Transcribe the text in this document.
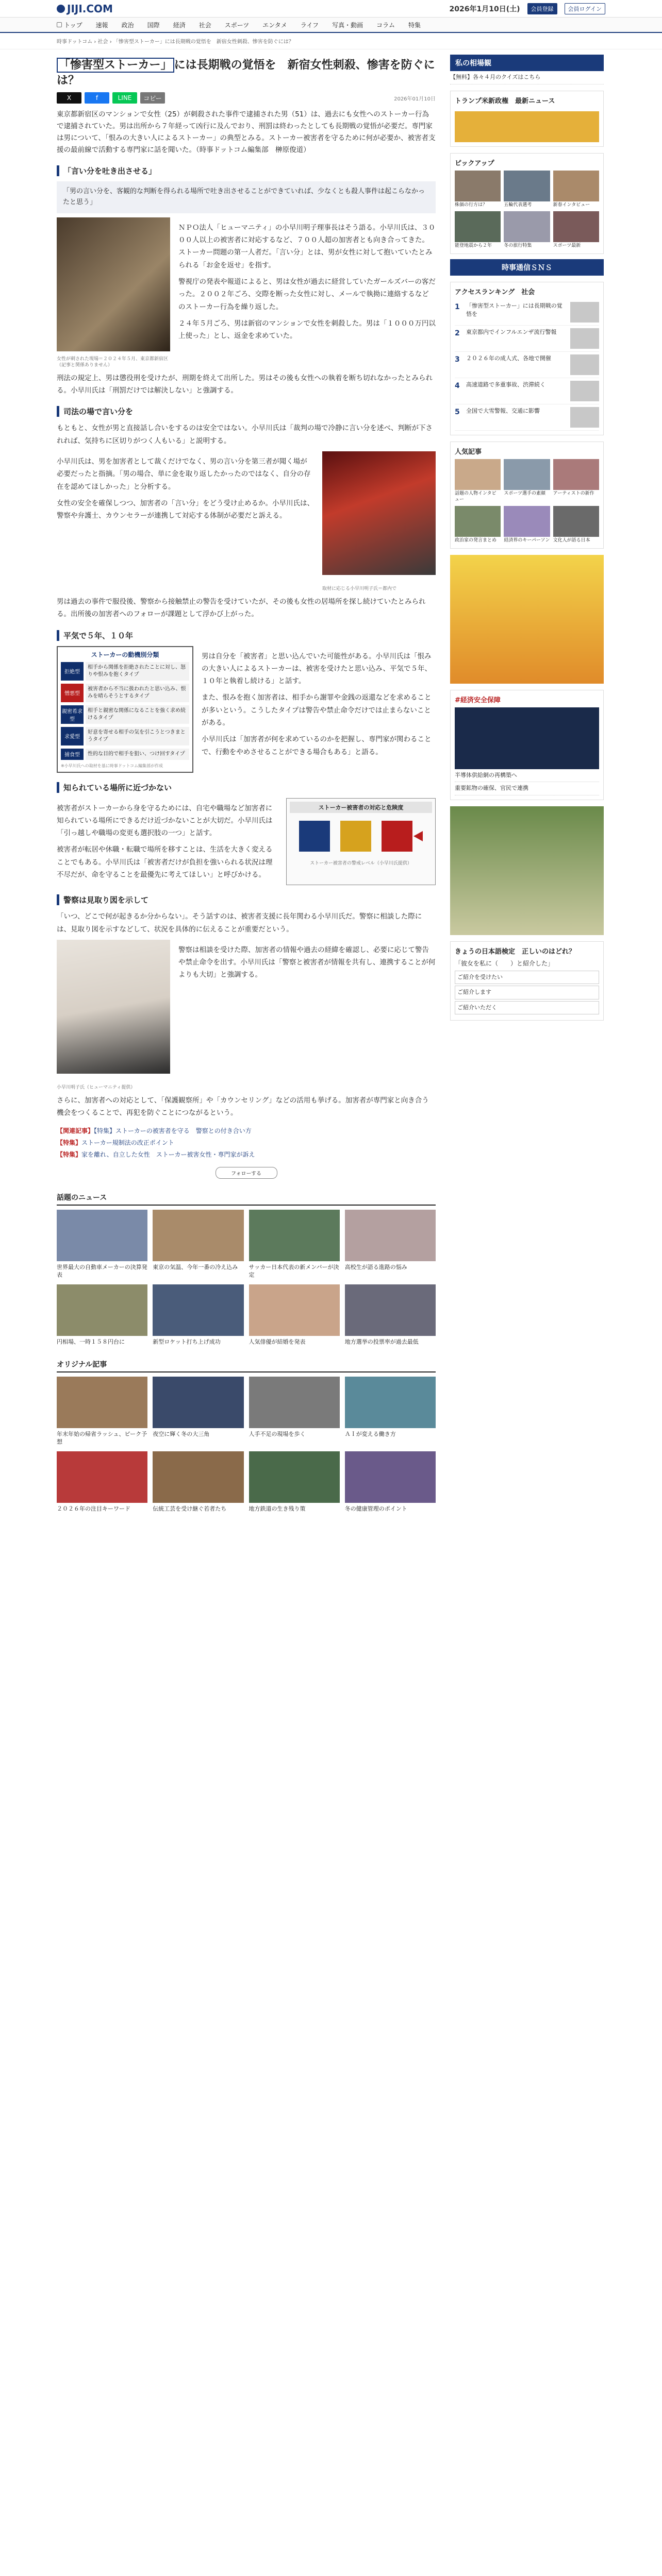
JIJI.COM	2026年1月10日(土)	会員登録	会員ログイン
トップ 速報 政治 国際 経済 社会 スポーツ エンタメ ライフ 写真・動画 コラム 特集
時事ドットコム › 社会 › 「惨害型ストーカー」には長期戦の覚悟を　新宿女性刺殺、惨害を防ぐには？
「惨害型ストーカー」 には長期戦の覚悟を　新宿女性刺殺、惨害を防ぐには？
X	f	LINE	コピー	2026年01月10日

東京都新宿区のマンションで女性（25）が刺殺された事件で逮捕された男（51）は、過去にも女性へのストーカー行為で逮捕されていた。男は出所から７年経って凶行に及んでおり、刑罰は終わったとしても長期戦の覚悟が必要だ。専門家は男について、「恨みの大きい人によるストーカー」の典型とみる。ストーカー被害者を守るために何が必要か、被害者支援の最前線で活動する専門家に話を聞いた。（時事ドットコム編集部　榊原俊道）

「言い分を吐き出させる」
「男の言い分を、客観的な判断を得られる場所で吐き出させることができていれば、少なくとも殺人事件は起こらなかったと思う」
女性が刺された現場＝２０２４年５月、東京都新宿区（記事と関係ありません）

ＮＰＯ法人「ヒューマニティ」の小早川明子理事長はそう語る。小早川氏は、３０００人以上の被害者に対応するなど、７００人超の加害者とも向き合ってきた。ストーカー問題の第一人者だ。「言い分」とは、男が女性に対して抱いていたとみられる「お金を返せ」を指す。

警視庁の発表や報道によると、男は女性が過去に経営していたガールズバーの客だった。２００２年ごろ、交際を断った女性に対し、メールで執拗に連絡するなどのストーカー行為を繰り返した。

２４年５月ごろ、男は新宿のマンションで女性を刺殺した。男は「１０００万円以上使った」とし、返金を求めていた。

刑法の規定上、男は懲役刑を受けたが、刑期を終えて出所した。男はその後も女性への執着を断ち切れなかったとみられる。小早川氏は「刑罰だけでは解決しない」と強調する。

司法の場で言い分を

もともと、女性が男と直接話し合いをするのは安全ではない。小早川氏は「裁判の場で冷静に言い分を述べ、判断が下されれば、気持ちに区切りがつく人もいる」と説明する。

小早川氏は、男を加害者として裁くだけでなく、男の言い分を第三者が聞く場が必要だったと指摘。「男の場合、単に金を取り返したかったのではなく、自分の存在を認めてほしかった」と分析する。

女性の安全を確保しつつ、加害者の「言い分」をどう受け止めるか。小早川氏は、警察や弁護士、カウンセラーが連携して対応する体制が必要だと訴える。

取材に応じる小早川明子氏＝都内で

男は過去の事件で服役後、警察から接触禁止の警告を受けていたが、その後も女性の居場所を探し続けていたとみられる。出所後の加害者へのフォローが課題として浮かび上がった。

平気で５年、１０年
ストーカーの動機別分類
拒絶型
相手から関係を拒絶されたことに対し、怒りや恨みを抱くタイプ
憎悪型
被害者から不当に扱われたと思い込み、恨みを晴らそうとするタイプ
親密希求型
相手と親密な関係になることを強く求め続けるタイプ
求愛型
好意を寄せる相手の気を引こうとつきまとうタイプ
捕食型	性的な目的で相手を狙い、つけ回すタイプ
※小早川氏への取材を基に時事ドットコム編集部が作成

男は自分を「被害者」と思い込んでいた可能性がある。小早川氏は「恨みの大きい人によるストーカーは、被害を受けたと思い込み、平気で５年、１０年と執着し続ける」と話す。

また、恨みを抱く加害者は、相手から謝罪や金銭の返還などを求めることが多いという。こうしたタイプは警告や禁止命令だけでは止まらないことがある。

小早川氏は「加害者が何を求めているのかを把握し、専門家が関わることで、行動をやめさせることができる場合もある」と語る。

知られている場所に近づかない

被害者がストーカーから身を守るためには、自宅や職場など加害者に知られている場所にできるだけ近づかないことが大切だ。小早川氏は「引っ越しや職場の変更も選択肢の一つ」と話す。

被害者が転居や休職・転職で場所を移すことは、生活を大きく変えることでもある。小早川氏は「被害者だけが負担を強いられる状況は理不尽だが、命を守ることを最優先に考えてほしい」と呼びかける。

ストーカー被害者の対応と危険度
ストーカー被害者の警戒レベル（小早川氏提供）
警察は見取り図を示して

「いつ、どこで何が起きるか分からない」。そう話すのは、被害者支援に長年関わる小早川氏だ。警察に相談した際には、見取り図を示すなどして、状況を具体的に伝えることが重要だという。

小早川明子氏（ヒューマニティ提供）

警察は相談を受けた際、加害者の情報や過去の経緯を確認し、必要に応じて警告や禁止命令を出す。小早川氏は「警察と被害者が情報を共有し、連携することが何よりも大切」と強調する。

さらに、加害者への対応として、「保護観察所」や「カウンセリング」などの活用も挙げる。加害者が専門家と向き合う機会をつくることで、再犯を防ぐことにつながるという。

【関連記事】【特集】ストーカーの被害者を守る　警察との付き合い方
【特集】ストーカー規制法の改正ポイント
【特集】家を離れ、自立した女性　ストーカー被害女性・専門家が訴え
フォローする
話題のニュース
世界最大の自動車メーカーの決算発表
東京の気温、今年一番の冷え込み	サッカー日本代表の新メンバーが決定
高校生が語る進路の悩み
円相場、一時１５８円台に	新型ロケット打ち上げ成功	人気俳優が結婚を発表	地方選挙の投票率が過去最低
オリジナル記事
年末年始の帰省ラッシュ、ピーク予想
夜空に輝く冬の大三角	人手不足の現場を歩く	ＡＩが変える働き方
２０２６年の注目キーワード	伝統工芸を受け継ぐ若者たち	地方鉄道の生き残り策	冬の健康管理のポイント
私の相場観
【無料】各々４月のクイズはこちら
トランプ米新政権　最新ニュース
ピックアップ
株価の行方は？	五輪代表選考	新春インタビュー
能登地震から２年	冬の旅行特集	スポーツ最新
時事通信ＳＮＳ
アクセスランキング　社会
1	「惨害型ストーカー」には長期戦の覚悟を
2	東京都内でインフルエンザ流行警報
3	２０２６年の成人式、各地で開催
4	高速道路で多重事故、渋滞続く
5	全国で大雪警報、交通に影響
人気記事
話題の人物インタビュー
スポーツ選手の素顔	アーティストの新作
政治家の発言まとめ	経済界のキーパーソン 文化人が語る日本
#経済安全保障
半導体供給網の再構築へ
重要鉱物の確保、官民で連携
きょうの日本語検定　正しいのはどれ？
「彼女を私に（　　）と紹介した」
ご紹介を受けたい
ご紹介します
ご紹介いただく
